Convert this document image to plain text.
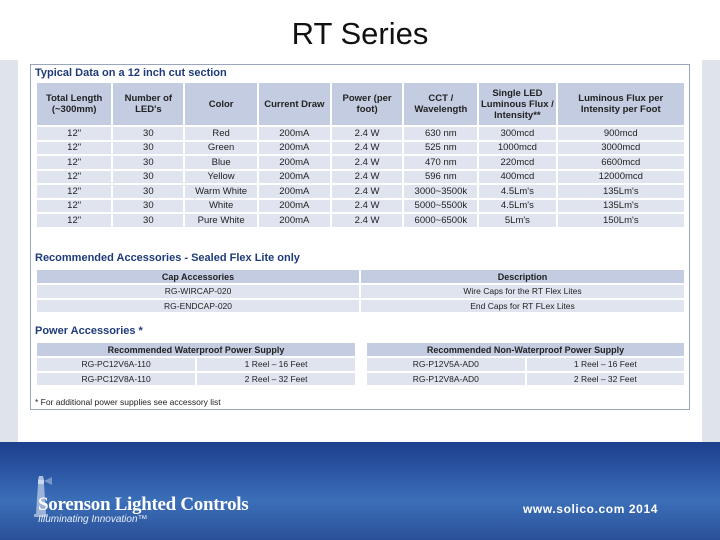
RT Series
Typical Data on a 12 inch cut section
Total Length (~300mm)	Number of LED's	Color	Current Draw	Power (per foot)	CCT / Wavelength	Single LED Luminous Flux / Intensity**	Luminous Flux per Intensity per Foot
12"	30	Red	200mA	2.4 W	630 nm	300mcd	900mcd
12"	30	Green	200mA	2.4 W	525 nm	1000mcd	3000mcd
12"	30	Blue	200mA	2.4 W	470 nm	220mcd	6600mcd
12"	30	Yellow	200mA	2.4 W	596 nm	400mcd	12000mcd
12"	30	Warm White	200mA	2.4 W	3000~3500k	4.5Lm's	135Lm's
12"	30	White	200mA	2.4 W	5000~5500k	4.5Lm's	135Lm's
12"	30	Pure White	200mA	2.4 W	6000~6500k	5Lm's	150Lm's
Recommended Accessories - Sealed Flex Lite only
Cap Accessories	Description
RG-WIRCAP-020	Wire Caps for the RT Flex Lites
RG-ENDCAP-020	End Caps for RT FLex Lites
Power Accessories *
Recommended Waterproof Power Supply	
RG-PC12V6A-110	1 Reel – 16 Feet
RG-PC12V8A-110	2 Reel – 32 Feet
Recommended Non-Waterproof Power Supply	
RG-P12V5A-AD0	1 Reel – 16 Feet
RG-P12V8A-AD0	2 Reel – 32 Feet
* For additional power supplies see accessory list
Sorenson Lighted Controls
Illuminating Innovation™
www.solico.com 2014
